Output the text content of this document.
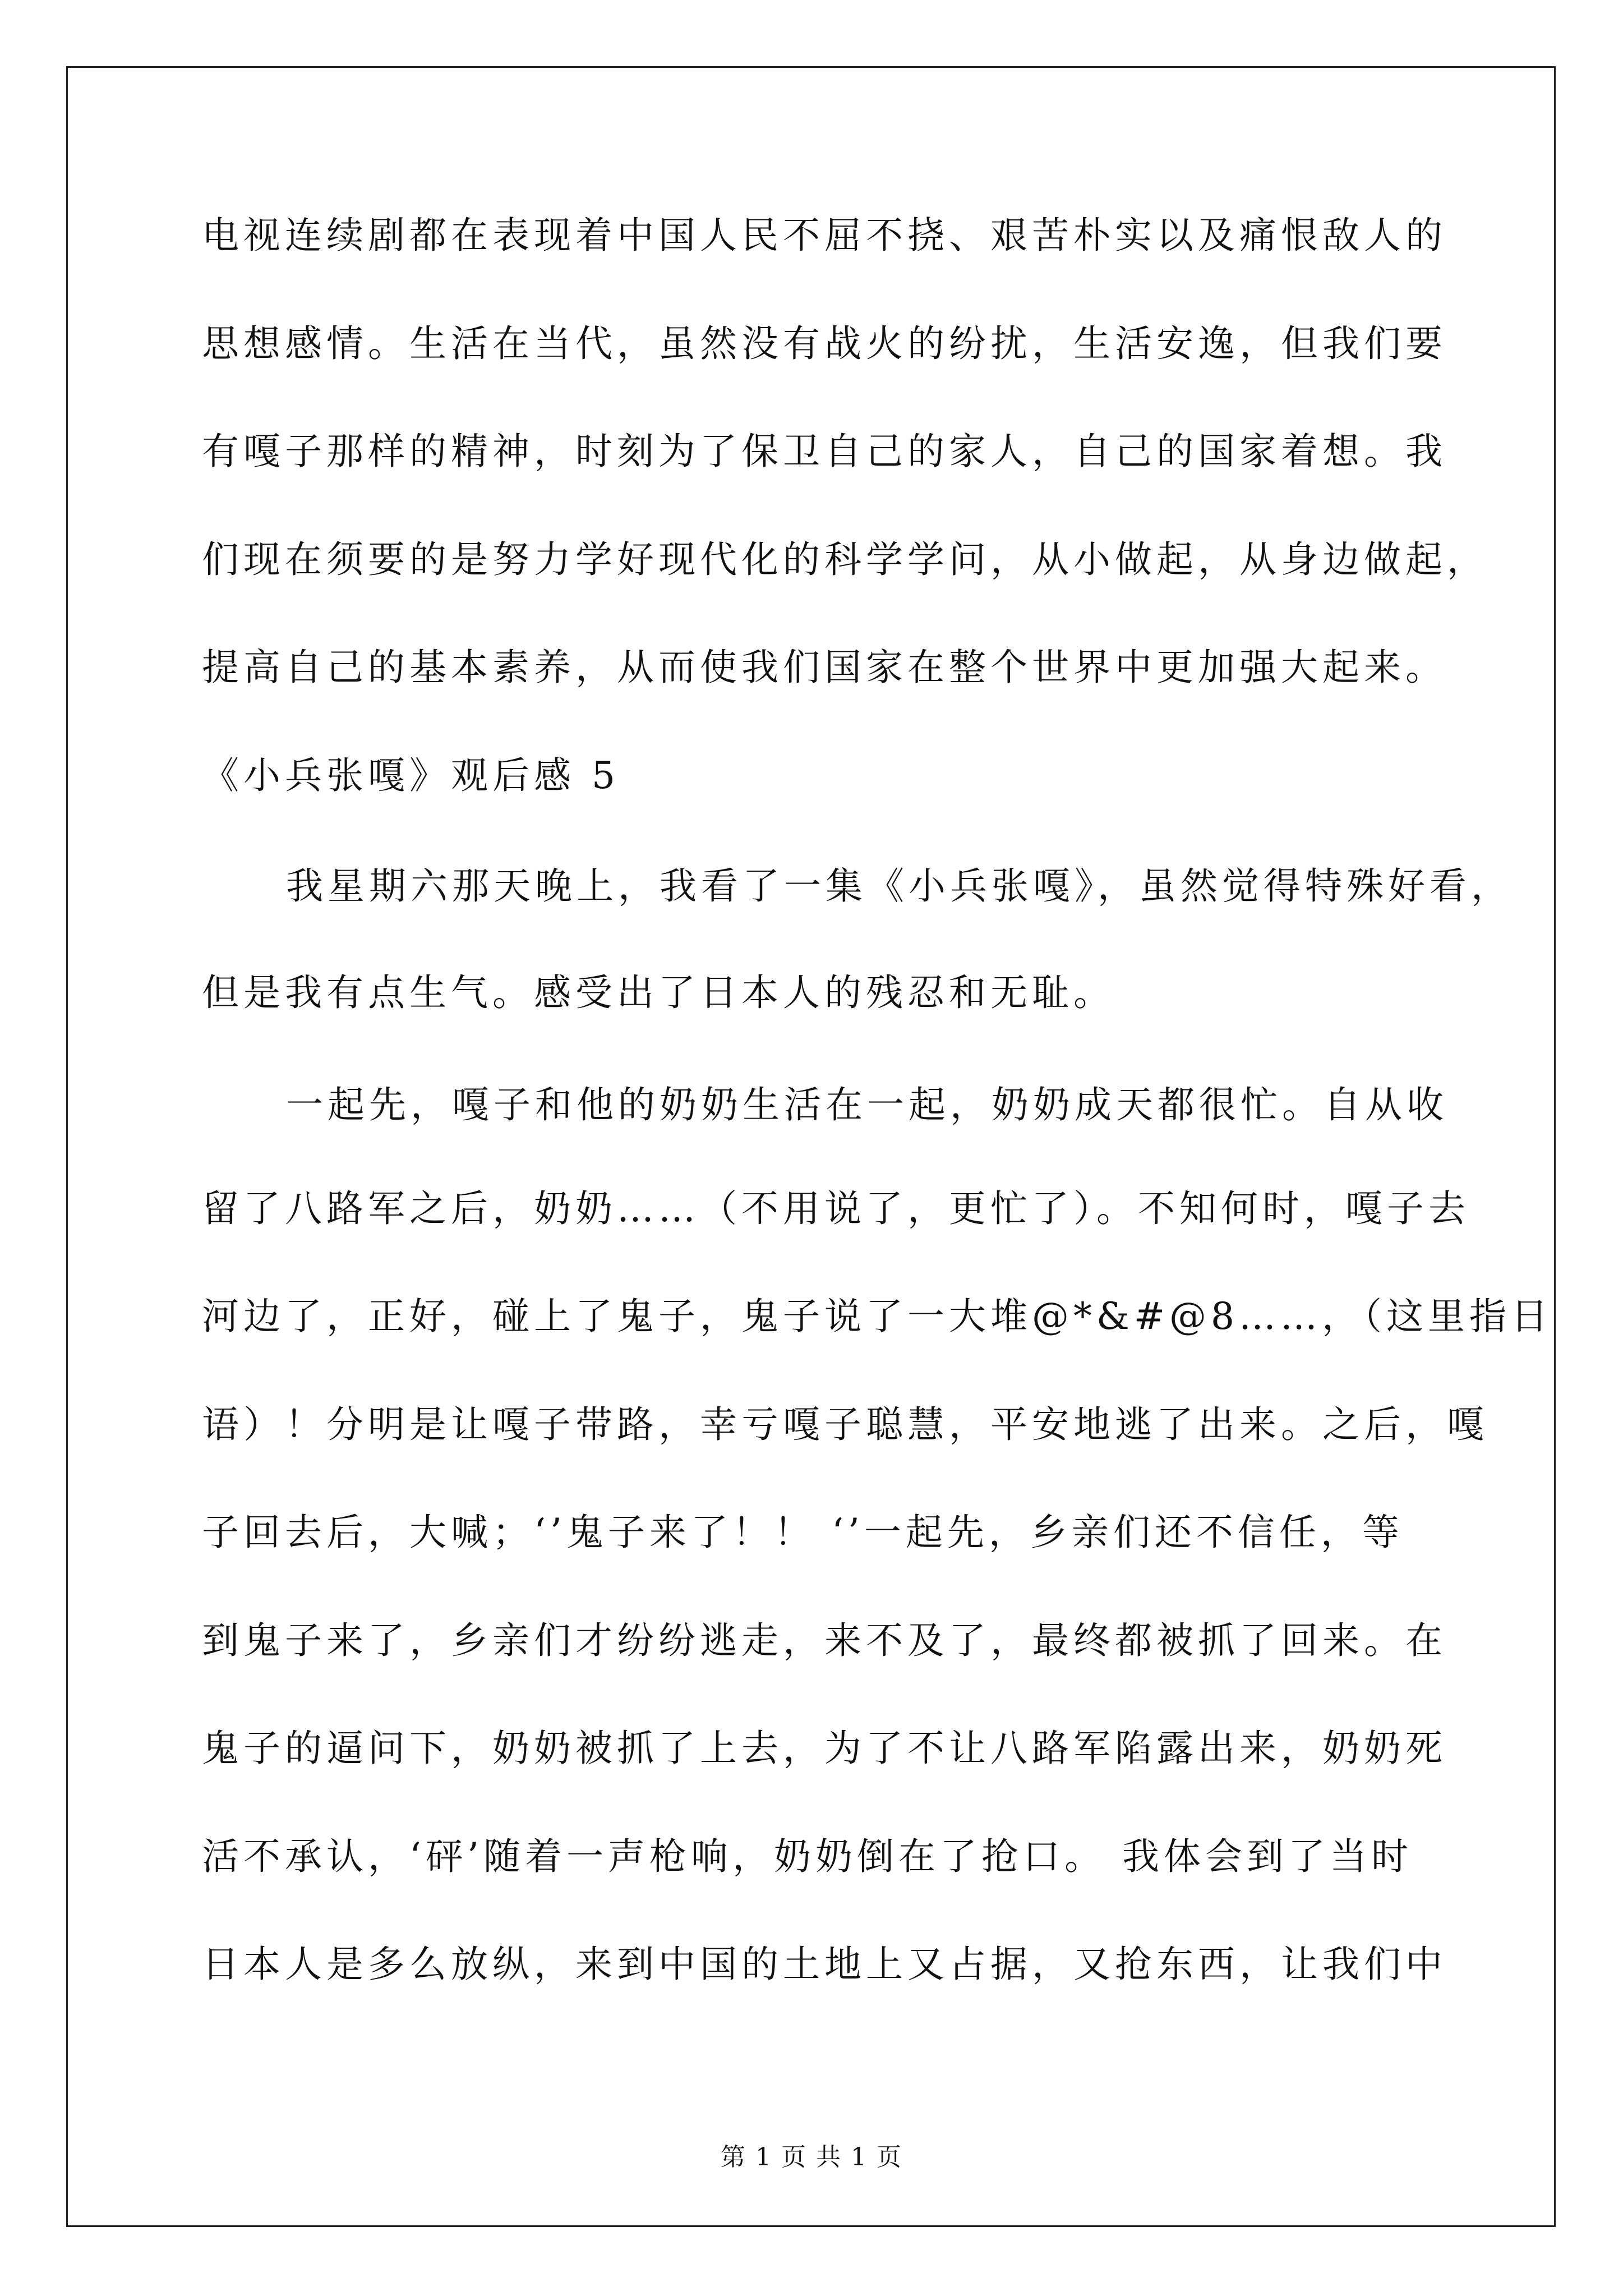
电视连续剧都在表现着中国人民不屈不挠、艰苦朴实以及痛恨敌人的
思想感情。生活在当代，虽然没有战火的纷扰，生活安逸，但我们要
有嘎子那样的精神，时刻为了保卫自己的家人，自己的国家着想。我
们现在须要的是努力学好现代化的科学学问，从小做起，从身边做起，
提高自己的基本素养，从而使我们国家在整个世界中更加强大起来。
《小兵张嘎》观后感 5
我星期六那天晚上，我看了一集《小兵张嘎》，虽然觉得特殊好看，
但是我有点生气。感受出了日本人的残忍和无耻。
一起先，嘎子和他的奶奶生活在一起，奶奶成天都很忙。自从收
留了八路军之后，奶奶……（不用说了，更忙了）。不知何时，嘎子去
河边了，正好，碰上了鬼子，鬼子说了一大堆@*&#@8……，（这里指日
语）！分明是让嘎子带路，幸亏嘎子聪慧，平安地逃了出来。之后，嘎
子回去后，大喊；‘’鬼子来了！！ ‘’一起先，乡亲们还不信任，等
到鬼子来了，乡亲们才纷纷逃走，来不及了，最终都被抓了回来。在
鬼子的逼问下，奶奶被抓了上去，为了不让八路军陷露出来，奶奶死
活不承认，‘砰’随着一声枪响，奶奶倒在了抢口。 我体会到了当时
日本人是多么放纵，来到中国的土地上又占据，又抢东西，让我们中
第 1 页 共 1 页
